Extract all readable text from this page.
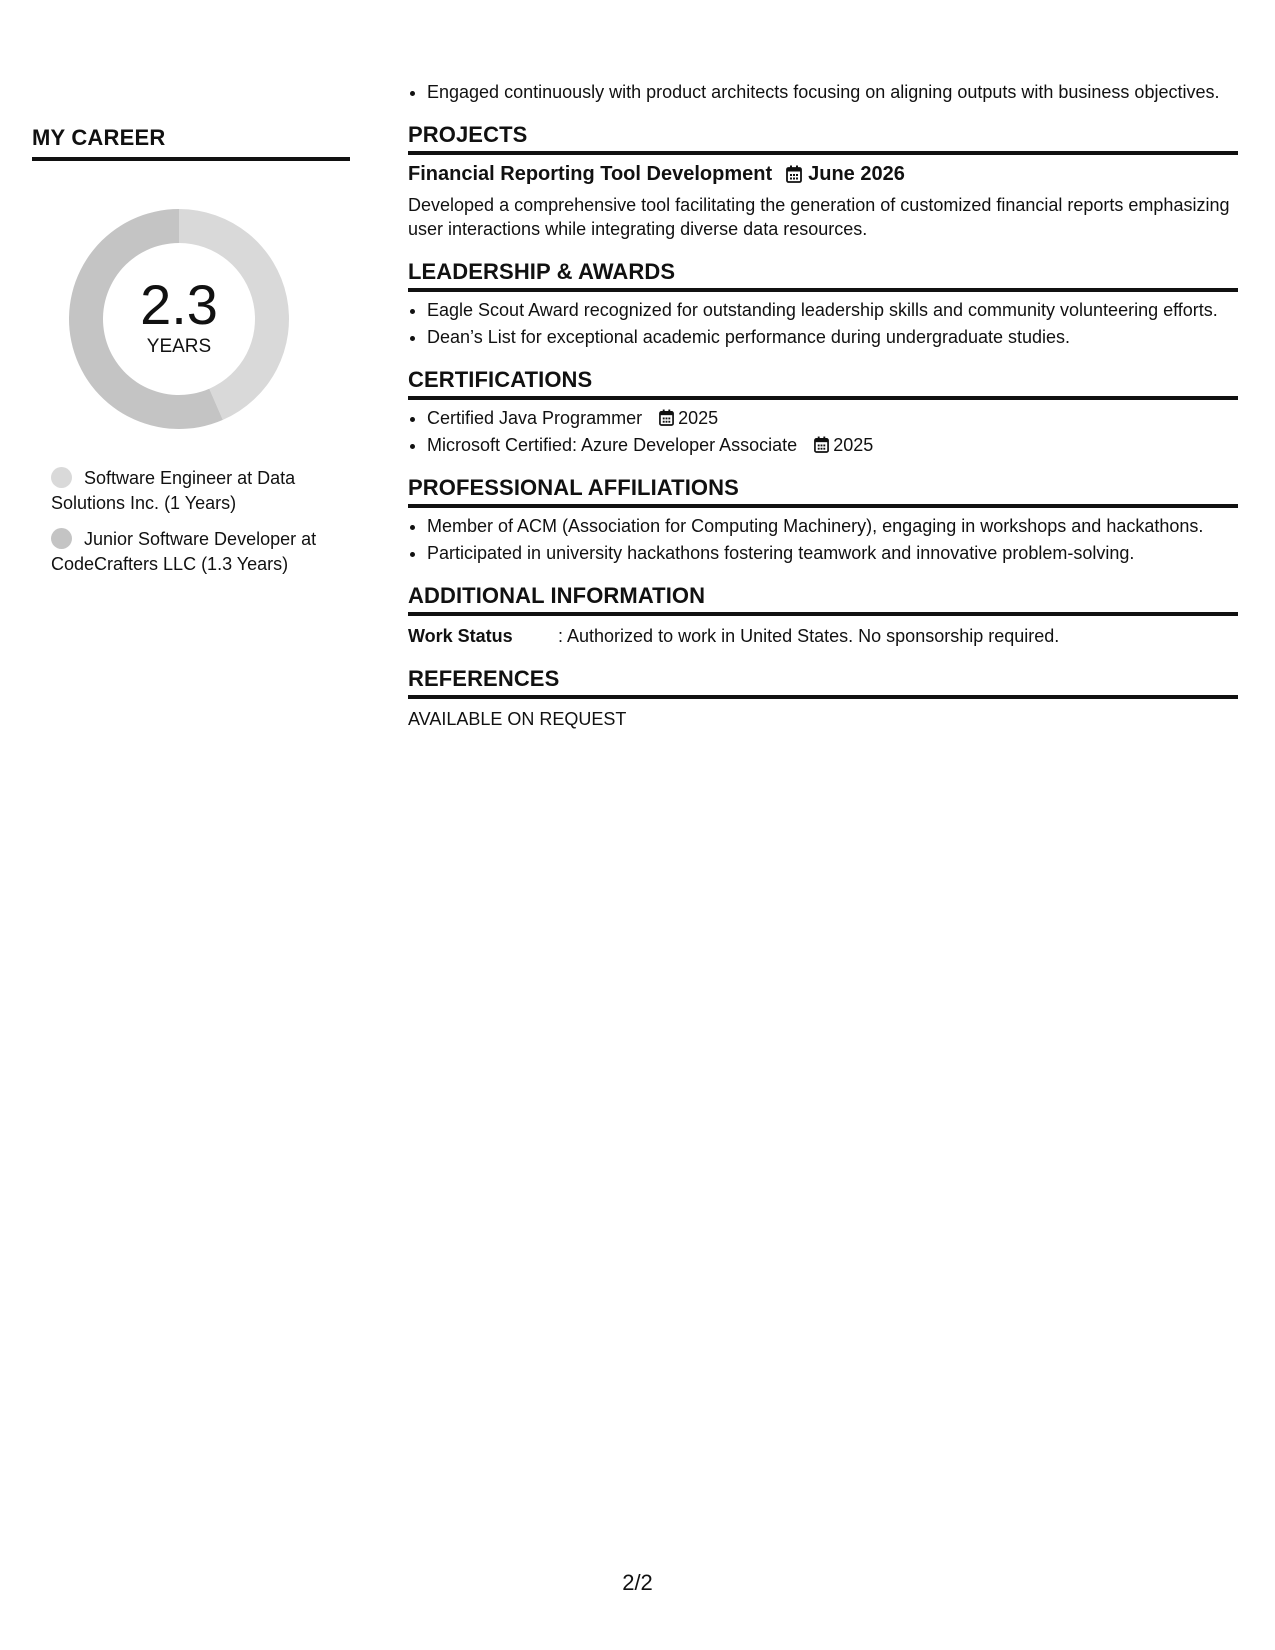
MY CAREER
2.3
YEARS
Software Engineer at Data Solutions Inc. (1 Years)
Junior Software Developer at CodeCrafters LLC (1.3 Years)
• Engaged continuously with product architects focusing on aligning outputs with business objectives.
PROJECTS
Financial Reporting Tool Development June 2026

Developed a comprehensive tool facilitating the generation of customized financial reports emphasizing user interactions while integrating diverse data resources.

LEADERSHIP & AWARDS
• Eagle Scout Award recognized for outstanding leadership skills and community volunteering efforts.
• Dean’s List for exceptional academic performance during undergraduate studies.
CERTIFICATIONS
• Certified Java Programmer 2025
• Microsoft Certified: Azure Developer Associate 2025
PROFESSIONAL AFFILIATIONS
• Member of ACM (Association for Computing Machinery), engaging in workshops and hackathons.
• Participated in university hackathons fostering teamwork and innovative problem-solving.
ADDITIONAL INFORMATION
Work Status	: Authorized to work in United States. No sponsorship required.
REFERENCES

AVAILABLE ON REQUEST

2/2
